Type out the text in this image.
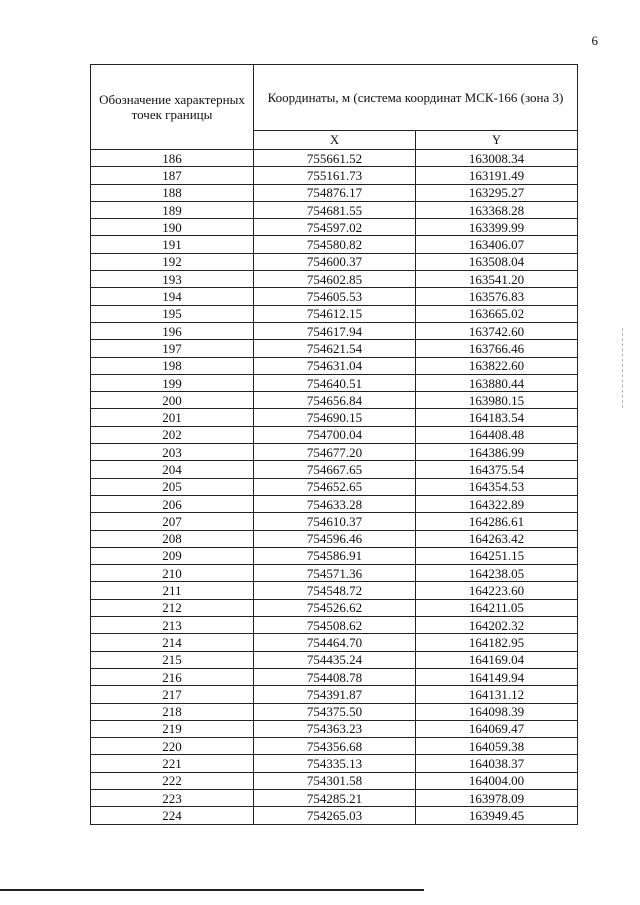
6
Обозначение характерных точек границы	Координаты, м (система координат МСК-166 (зона 3)	
	X	Y
186	755661.52	163008.34
187	755161.73	163191.49
188	754876.17	163295.27
189	754681.55	163368.28
190	754597.02	163399.99
191	754580.82	163406.07
192	754600.37	163508.04
193	754602.85	163541.20
194	754605.53	163576.83
195	754612.15	163665.02
196	754617.94	163742.60
197	754621.54	163766.46
198	754631.04	163822.60
199	754640.51	163880.44
200	754656.84	163980.15
201	754690.15	164183.54
202	754700.04	164408.48
203	754677.20	164386.99
204	754667.65	164375.54
205	754652.65	164354.53
206	754633.28	164322.89
207	754610.37	164286.61
208	754596.46	164263.42
209	754586.91	164251.15
210	754571.36	164238.05
211	754548.72	164223.60
212	754526.62	164211.05
213	754508.62	164202.32
214	754464.70	164182.95
215	754435.24	164169.04
216	754408.78	164149.94
217	754391.87	164131.12
218	754375.50	164098.39
219	754363.23	164069.47
220	754356.68	164059.38
221	754335.13	164038.37
222	754301.58	164004.00
223	754285.21	163978.09
224	754265.03	163949.45
